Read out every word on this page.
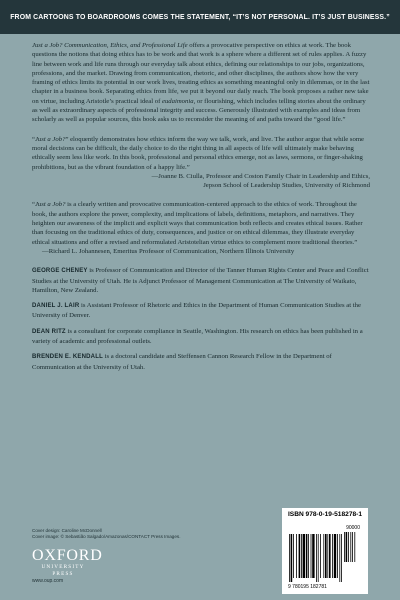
FROM CARTOONS TO BOARDROOMS COMES THE STATEMENT, “IT’S NOT PERSONAL. IT’S JUST BUSINESS.”

Just a Job? Communication, Ethics, and Professional Life offers a provocative perspective on ethics at work. The book questions the notions that doing ethics has to be work and that work is a sphere where a different set of rules applies. A fuzzy line between work and life runs through our everyday talk about ethics, defining our relationships to our jobs, organizations, professions, and the market. Drawing from communication, rhetoric, and other disciplines, the authors show how the very framing of ethics limits its potential in our work lives, treating ethics as something meaningful only in dilemmas, or in the last chapter in a business book. Separating ethics from life, we put it beyond our daily reach. The book proposes a rather new take on virtue, including Aristotle’s practical ideal of eudaimonia, or flourishing, which includes telling stories about the ordinary as well as extraordinary aspects of professional integrity and success. Generously illustrated with examples and ideas from scholarly as well as popular sources, this book asks us to reconsider the meaning of and paths toward the “good life.”

“Just a Job?” eloquently demonstrates how ethics inform the way we talk, work, and live. The author argue that while some moral decisions can be difficult, the daily choice to do the right thing in all aspects of life will ultimately make behaving ethically seem less like work. In this book, professional and personal ethics emerge, not as laws, sermons, or finger-shaking prohibitions, but as the vibrant foundation of a happy life.”

—Joanne B. Ciulla, Professor and Coston Family Chair in Leadership and Ethics,

Jepson School of Leadership Studies, University of Richmond

“Just a Job? is a clearly written and provocative communication-centered approach to the ethics of work. Throughout the book, the authors explore the power, complexity, and implications of labels, definitions, metaphors, and narratives. They heighten our awareness of the implicit and explicit ways that communication both reflects and creates ethical issues. Rather than focusing on the traditional ethics of duty, consequences, and justice or on ethical dilemmas, they illustrate everyday ethical situations and offer a revised and reformulated Aristotelian virtue ethics to complement more traditional theories.”

—Richard L. Johannesen, Emeritus Professor of Communication, Northern Illinois University

GEORGE CHENEY is Professor of Communication and Director of the Tanner Human Rights Center and Peace and Conflict Studies at the University of Utah. He is Adjunct Professor of Management Communication at The University of Waikato, Hamilton, New Zealand.

DANIEL J. LAIR is Assistant Professor of Rhetoric and Ethics in the Department of Human Communication Studies at the University of Denver.

DEAN RITZ is a consultant for corporate compliance in Seattle, Washington. His research on ethics has been published in a variety of academic and professional outlets.

BRENDEN E. KENDALL is a doctoral candidate and Steffensen Cannon Research Fellow in the Department of Communication at the University of Utah.

Cover design: Caroline McDonnell
Cover image: © Sebastião Salgado/Amazonas/CONTACT Press Images.
OXFORD
UNIVERSITY PRESS
www.oup.com
ISBN 978-0-19-518278-1
9 780195 182781
90000
